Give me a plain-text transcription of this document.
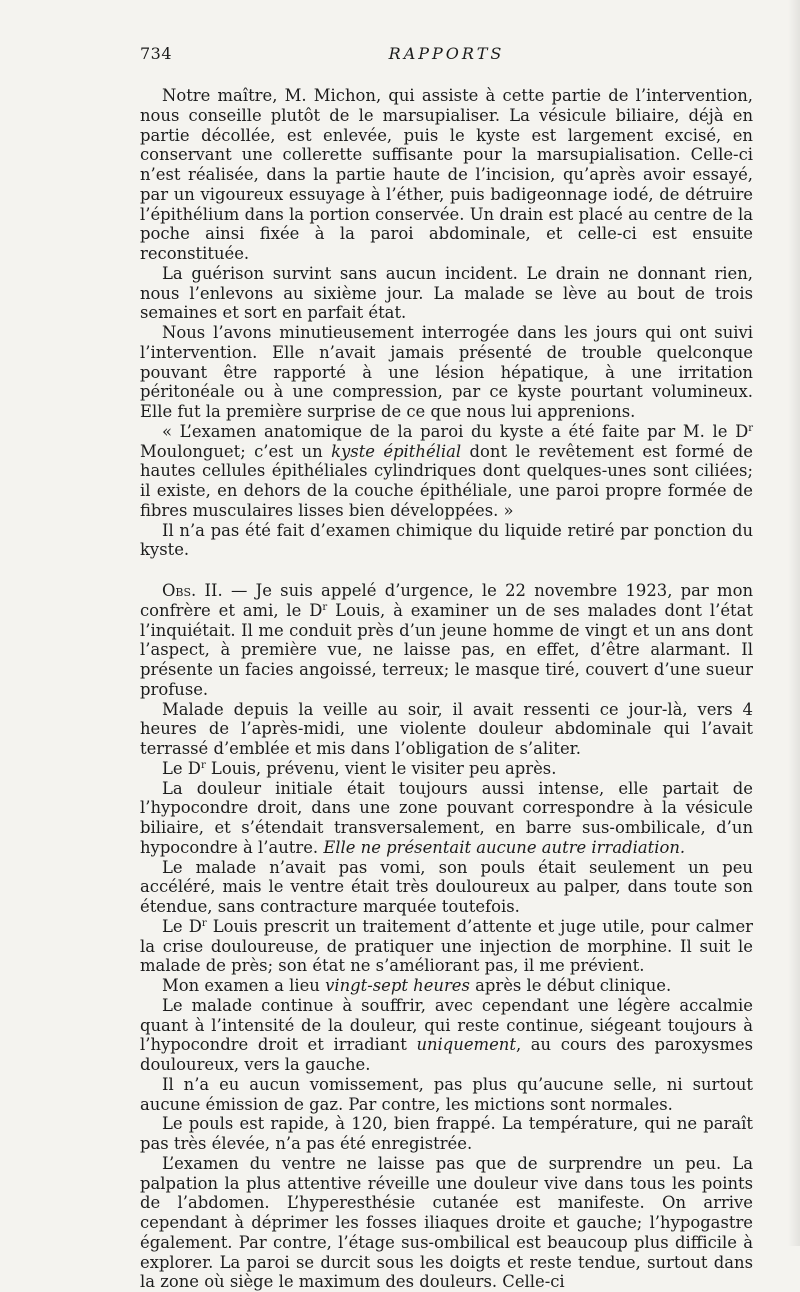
734	RAPPORTS

Notre maître, M. Michon, qui assiste à cette partie de l’intervention, nous conseille plutôt de le marsupialiser. La vésicule biliaire, déjà en partie décollée, est enlevée, puis le kyste est largement excisé, en conservant une collerette suffisante pour la marsupialisation. Celle-ci n’est réalisée, dans la partie haute de l’incision, qu’après avoir essayé, par un vigoureux essuyage à l’éther, puis badigeonnage iodé, de détruire l’épithélium dans la portion conservée. Un drain est placé au centre de la poche ainsi fixée à la paroi abdominale, et celle-ci est ensuite reconstituée.

La guérison survint sans aucun incident. Le drain ne donnant rien, nous l’enlevons au sixième jour. La malade se lève au bout de trois semaines et sort en parfait état.

Nous l’avons minutieusement interrogée dans les jours qui ont suivi l’intervention. Elle n’avait jamais présenté de trouble quelconque pouvant être rapporté à une lésion hépatique, à une irritation péritonéale ou à une compression, par ce kyste pourtant volumineux. Elle fut la première surprise de ce que nous lui apprenions.

« L’examen anatomique de la paroi du kyste a été faite par M. le $D^r$ Moulonguet; c’est un kyste épithélial dont le revêtement est formé de hautes cellules épithéliales cylindriques dont quelques-unes sont ciliées; il existe, en dehors de la couche épithéliale, une paroi propre formée de fibres musculaires lisses bien développées. »

Il n’a pas été fait d’examen chimique du liquide retiré par ponction du kyste.

Obs. II. — Je suis appelé d’urgence, le 22 novembre 1923, par mon confrère et ami, le $D^r$ Louis, à examiner un de ses malades dont l’état l’inquiétait. Il me conduit près d’un jeune homme de vingt et un ans dont l’aspect, à première vue, ne laisse pas, en effet, d’être alarmant. Il présente un facies angoissé, terreux; le masque tiré, couvert d’une sueur profuse.

Malade depuis la veille au soir, il avait ressenti ce jour-là, vers 4 heures de l’après-midi, une violente douleur abdominale qui l’avait terrassé d’emblée et mis dans l’obligation de s’aliter.

Le $D^r$ Louis, prévenu, vient le visiter peu après.

La douleur initiale était toujours aussi intense, elle partait de l’hypocondre droit, dans une zone pouvant correspondre à la vésicule biliaire, et s’étendait transversalement, en barre sus-ombilicale, d’un hypocondre à l’autre. Elle ne présentait aucune autre irradiation.

Le malade n’avait pas vomi, son pouls était seulement un peu accéléré, mais le ventre était très douloureux au palper, dans toute son étendue, sans contracture marquée toutefois.

Le $D^r$ Louis prescrit un traitement d’attente et juge utile, pour calmer la crise douloureuse, de pratiquer une injection de morphine. Il suit le malade de près; son état ne s’améliorant pas, il me prévient.

Mon examen a lieu vingt-sept heures après le début clinique.

Le malade continue à souffrir, avec cependant une légère accalmie quant à l’intensité de la douleur, qui reste continue, siégeant toujours à l’hypocondre droit et irradiant uniquement, au cours des paroxysmes douloureux, vers la gauche.

Il n’a eu aucun vomissement, pas plus qu’aucune selle, ni surtout aucune émission de gaz. Par contre, les mictions sont normales.

Le pouls est rapide, à 120, bien frappé. La température, qui ne paraît pas très élevée, n’a pas été enregistrée.

L’examen du ventre ne laisse pas que de surprendre un peu. La palpation la plus attentive réveille une douleur vive dans tous les points de l’abdomen. L’hyperesthésie cutanée est manifeste. On arrive cependant à déprimer les fosses iliaques droite et gauche; l’hypogastre également. Par contre, l’étage sus-ombilical est beaucoup plus difficile à explorer. La paroi se durcit sous les doigts et reste tendue, surtout dans la zone où siège le maximum des douleurs. Celle-ci
